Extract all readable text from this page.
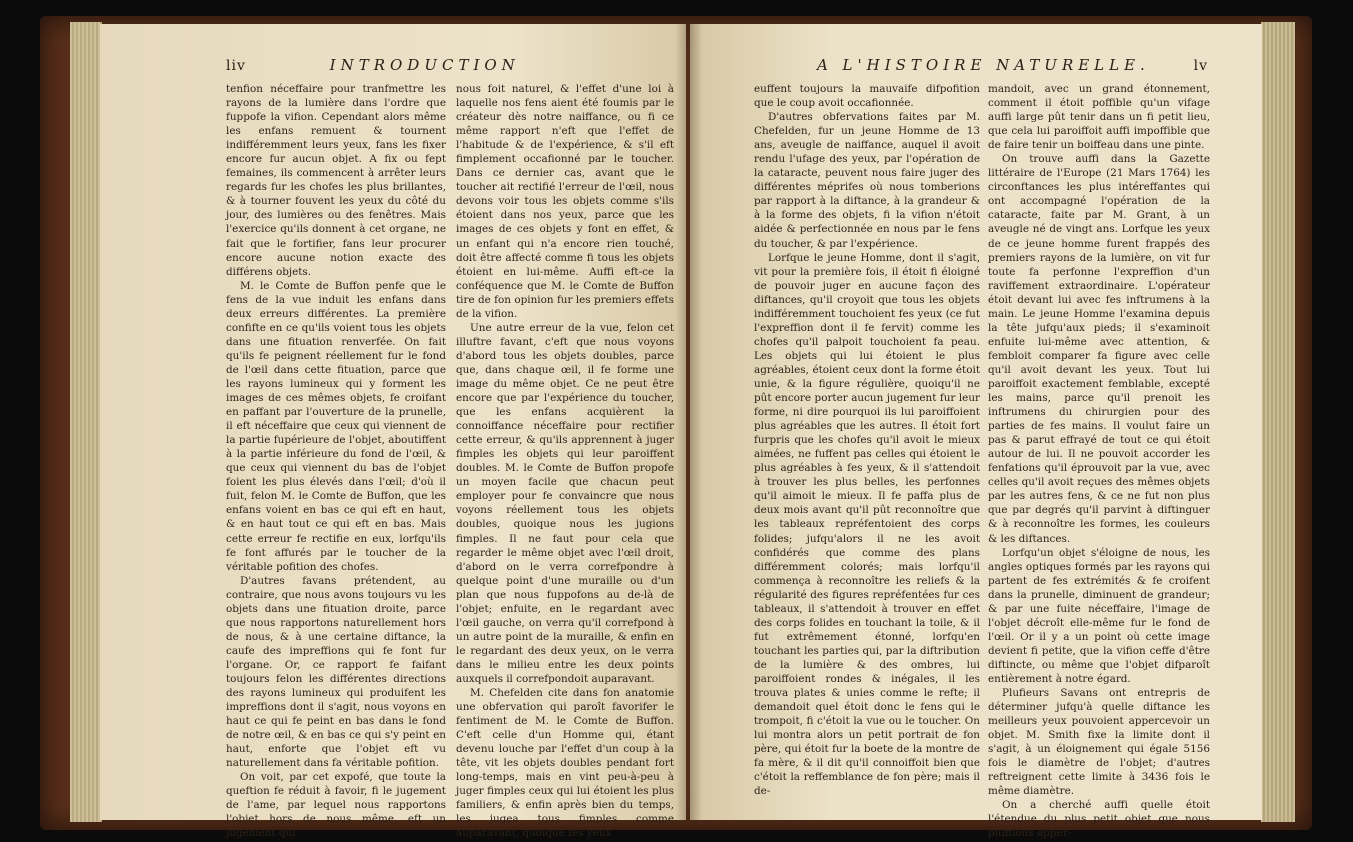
liv	INTRODUCTION	A L'HISTOIRE NATURELLE.	lv

tenfion néceffaire pour tranfmettre les rayons de la lumière dans l'ordre que fuppofe la vifion. Cependant alors même les enfans remuent & tournent indifféremment leurs yeux, fans les fixer encore fur aucun objet. A fix ou fept femaines, ils commencent à arrêter leurs regards fur les chofes les plus brillantes, & à tourner fouvent les yeux du côté du jour, des lumières ou des fenêtres. Mais l'exercice qu'ils donnent à cet organe, ne fait que le fortifier, fans leur procurer encore aucune notion exacte des différens objets.

M. le Comte de Buffon penfe que le fens de la vue induit les enfans dans deux erreurs différentes. La première confifte en ce qu'ils voient tous les objets dans une fituation renverfée. On fait qu'ils fe peignent réellement fur le fond de l'œil dans cette fituation, parce que les rayons lumineux qui y forment les images de ces mêmes objets, fe croifant en paffant par l'ouverture de la prunelle, il eft néceffaire que ceux qui viennent de la partie fupérieure de l'objet, aboutiffent à la partie inférieure du fond de l'œil, & que ceux qui viennent du bas de l'objet foient les plus élevés dans l'œil; d'où il fuit, felon M. le Comte de Buffon, que les enfans voient en bas ce qui eft en haut, & en haut tout ce qui eft en bas. Mais cette erreur fe rectifie en eux, lorfqu'ils fe font affurés par le toucher de la véritable pofition des chofes.

D'autres favans prétendent, au contraire, que nous avons toujours vu les objets dans une fituation droite, parce que nous rapportons naturellement hors de nous, & à une certaine diftance, la caufe des impreffions qui fe font fur l'organe. Or, ce rapport fe faifant toujours felon les différentes directions des rayons lumineux qui produifent les impreffions dont il s'agit, nous voyons en haut ce qui fe peint en bas dans le fond de notre œil, & en bas ce qui s'y peint en haut, enforte que l'objet eft vu naturellement dans fa véritable pofition.

On voit, par cet expofé, que toute la queftion fe réduit à favoir, fi le jugement de l'ame, par lequel nous rapportons l'objet hors de nous même, eft un jugement qui

nous foit naturel, & l'effet d'une loi à laquelle nos fens aient été foumis par le créateur dès notre naiffance, ou fi ce même rapport n'eft que l'effet de l'habitude & de l'expérience, & s'il eft fimplement occafionné par le toucher. Dans ce dernier cas, avant que le toucher ait rectifié l'erreur de l'œil, nous devons voir tous les objets comme s'ils étoient dans nos yeux, parce que les images de ces objets y font en effet, & un enfant qui n'a encore rien touché, doit être affecté comme fi tous les objets étoient en lui-même. Auffi eft-ce la conféquence que M. le Comte de Buffon tire de fon opinion fur les premiers effets de la vifion.

Une autre erreur de la vue, felon cet illuftre favant, c'eft que nous voyons d'abord tous les objets doubles, parce que, dans chaque œil, il fe forme une image du même objet. Ce ne peut être encore que par l'expérience du toucher, que les enfans acquièrent la connoiffance néceffaire pour rectifier cette erreur, & qu'ils apprennent à juger fimples les objets qui leur paroiffent doubles. M. le Comte de Buffon propofe un moyen facile que chacun peut employer pour fe convaincre que nous voyons réellement tous les objets doubles, quoique nous les jugions fimples. Il ne faut pour cela que regarder le même objet avec l'œil droit, d'abord on le verra correfpondre à quelque point d'une muraille ou d'un plan que nous fuppofons au de-là de l'objet; enfuite, en le regardant avec l'œil gauche, on verra qu'il correfpond à un autre point de la muraille, & enfin en le regardant des deux yeux, on le verra dans le milieu entre les deux points auxquels il correfpondoit auparavant.

M. Chefelden cite dans fon anatomie une obfervation qui paroît favorifer le fentiment de M. le Comte de Buffon. C'eft celle d'un Homme qui, étant devenu louche par l'effet d'un coup à la tête, vit les objets doubles pendant fort long-temps, mais en vint peu-à-peu à juger fimples ceux qui lui étoient les plus familiers, & enfin après bien du temps, les jugea tous fimples comme auparavant, quoique fes yeux

euffent toujours la mauvaife difpofition que le coup avoit occafionnée.

D'autres obfervations faites par M. Chefelden, fur un jeune Homme de 13 ans, aveugle de naiffance, auquel il avoit rendu l'ufage des yeux, par l'opération de la cataracte, peuvent nous faire juger des différentes méprifes où nous tomberions par rapport à la diftance, à la grandeur & à la forme des objets, fi la vifion n'étoit aidée & perfectionnée en nous par le fens du toucher, & par l'expérience.

Lorfque le jeune Homme, dont il s'agit, vit pour la première fois, il étoit fi éloigné de pouvoir juger en aucune façon des diftances, qu'il croyoit que tous les objets indifféremment touchoient fes yeux (ce fut l'expreffion dont il fe fervit) comme les chofes qu'il palpoit touchoient fa peau. Les objets qui lui étoient le plus agréables, étoient ceux dont la forme étoit unie, & la figure régulière, quoiqu'il ne pût encore porter aucun jugement fur leur forme, ni dire pourquoi ils lui paroiffoient plus agréables que les autres. Il étoit fort furpris que les chofes qu'il avoit le mieux aimées, ne fuffent pas celles qui étoient le plus agréables à fes yeux, & il s'attendoit à trouver les plus belles, les perfonnes qu'il aimoit le mieux. Il fe paffa plus de deux mois avant qu'il pût reconnoître que les tableaux repréfentoient des corps folides; jufqu'alors il ne les avoit confidérés que comme des plans différemment colorés; mais lorfqu'il commença à reconnoître les reliefs & la régularité des figures repréfentées fur ces tableaux, il s'attendoit à trouver en effet des corps folides en touchant la toile, & il fut extrêmement étonné, lorfqu'en touchant les parties qui, par la diftribution de la lumière & des ombres, lui paroiffoient rondes & inégales, il les trouva plates & unies comme le refte; il demandoit quel étoit donc le fens qui le trompoit, fi c'étoit la vue ou le toucher. On lui montra alors un petit portrait de fon père, qui étoit fur la boete de la montre de fa mère, & il dit qu'il connoiffoit bien que c'étoit la reffemblance de fon père; mais il de-

mandoit, avec un grand étonnement, comment il étoit poffible qu'un vifage auffi large pût tenir dans un fi petit lieu, que cela lui paroiffoit auffi impoffible que de faire tenir un boiffeau dans une pinte.

On trouve auffi dans la Gazette littéraire de l'Europe (21 Mars 1764) les circonftances les plus intéreffantes qui ont accompagné l'opération de la cataracte, faite par M. Grant, à un aveugle né de vingt ans. Lorfque les yeux de ce jeune homme furent frappés des premiers rayons de la lumière, on vit fur toute fa perfonne l'expreffion d'un raviffement extraordinaire. L'opérateur étoit devant lui avec fes inftrumens à la main. Le jeune Homme l'examina depuis la tête jufqu'aux pieds; il s'examinoit enfuite lui-même avec attention, & fembloit comparer fa figure avec celle qu'il avoit devant les yeux. Tout lui paroiffoit exactement femblable, excepté les mains, parce qu'il prenoit les inftrumens du chirurgien pour des parties de fes mains. Il voulut faire un pas & parut effrayé de tout ce qui étoit autour de lui. Il ne pouvoit accorder les fenfations qu'il éprouvoit par la vue, avec celles qu'il avoit reçues des mêmes objets par les autres fens, & ce ne fut non plus que par degrés qu'il parvint à diftinguer & à reconnoître les formes, les couleurs & les diftances.

Lorfqu'un objet s'éloigne de nous, les angles optiques formés par les rayons qui partent de fes extrémités & fe croifent dans la prunelle, diminuent de grandeur; & par une fuite néceffaire, l'image de l'objet décroît elle-même fur le fond de l'œil. Or il y a un point où cette image devient fi petite, que la vifion ceffe d'être diftincte, ou même que l'objet difparoît entièrement à notre égard.

Plufieurs Savans ont entrepris de déterminer jufqu'à quelle diftance les meilleurs yeux pouvoient appercevoir un objet. M. Smith fixe la limite dont il s'agit, à un éloignement qui égale 5156 fois le diamètre de l'objet; d'autres reftreignent cette limite à 3436 fois le même diamètre.

On a cherché auffi quelle étoit l'étendue du plus petit objet que nous puiffions apper-
